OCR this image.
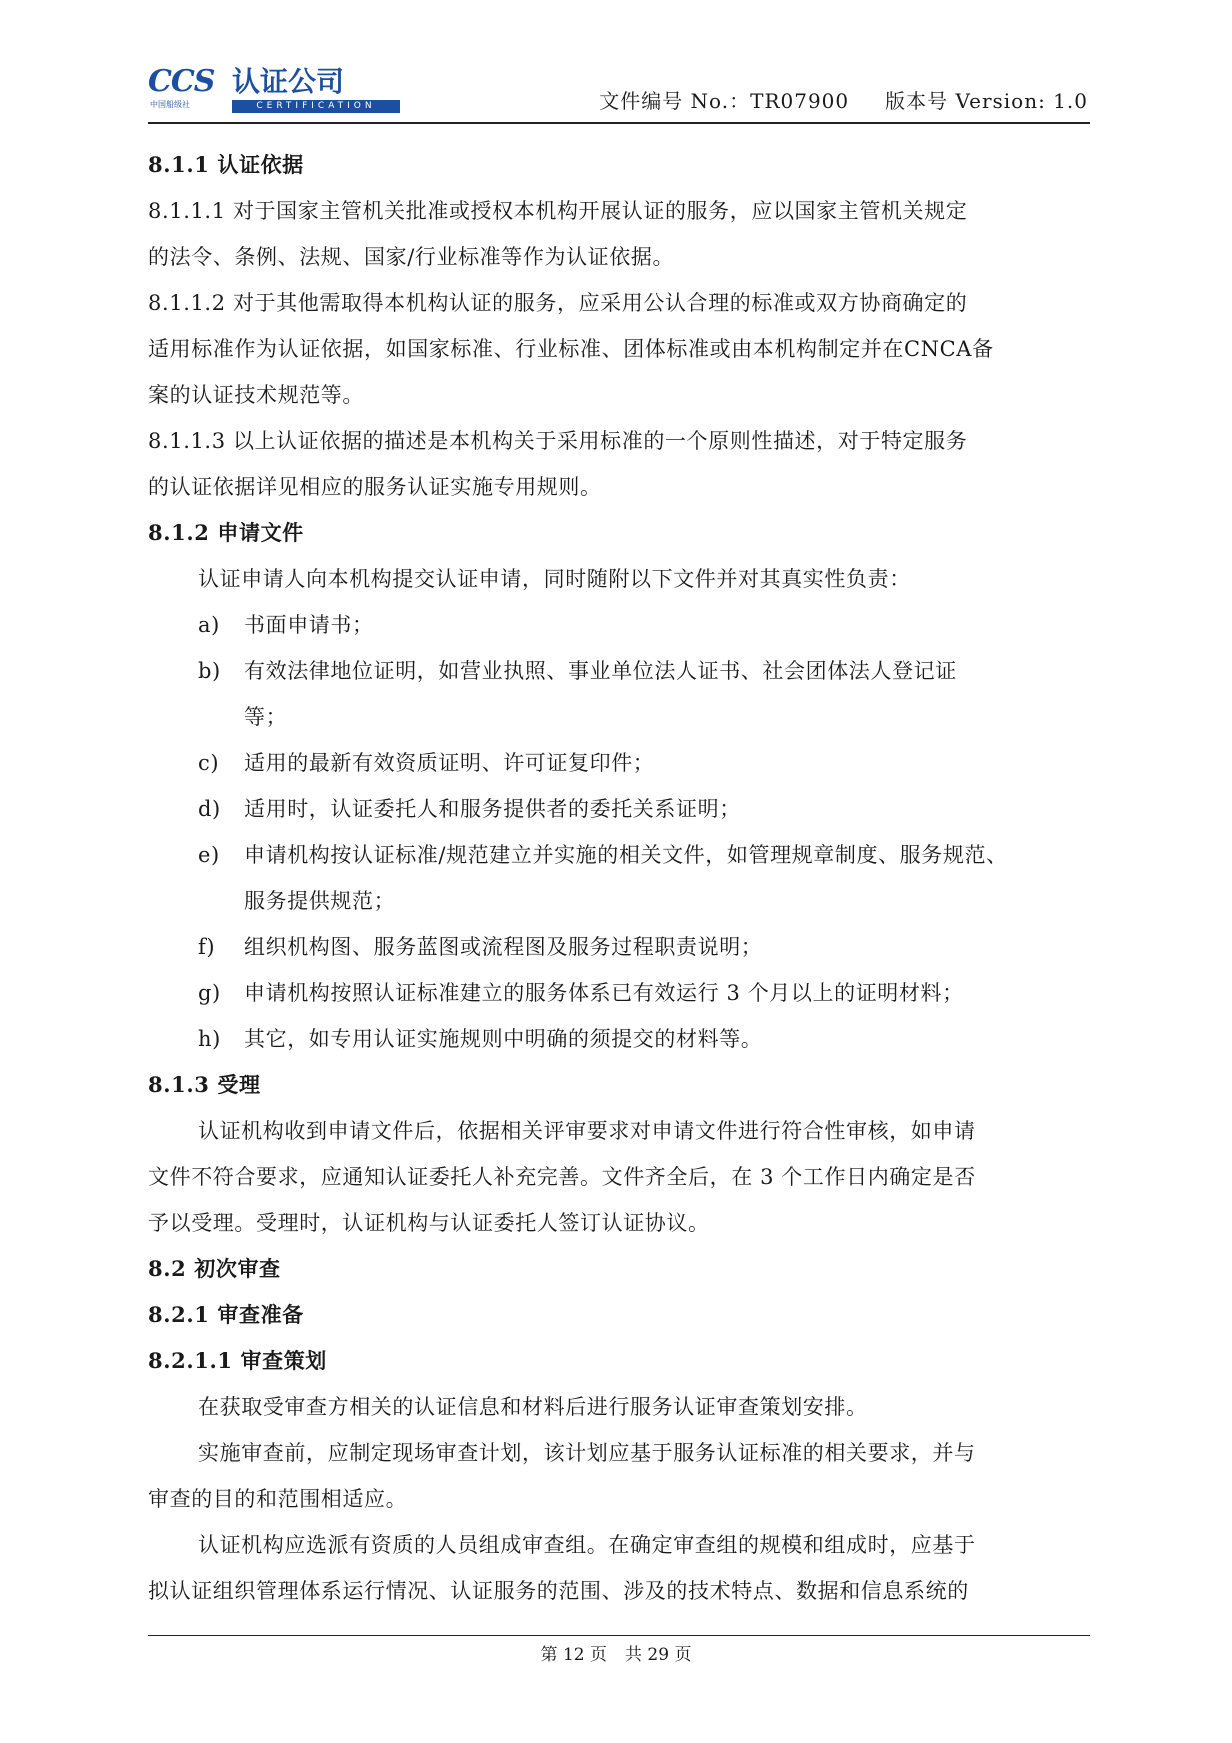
CCS 认证公司
中国船级社	CERTIFICATION	文件编号 No.：TR07900 版本号 Version: 1.0
8.1.1 认证依据
8.1.1.1 对于国家主管机关批准或授权本机构开展认证的服务，应以国家主管机关规定
的法令、条例、法规、国家/行业标准等作为认证依据。
8.1.1.2 对于其他需取得本机构认证的服务，应采用公认合理的标准或双方协商确定的
适用标准作为认证依据，如国家标准、行业标准、团体标准或由本机构制定并在CNCA备
案的认证技术规范等。
8.1.1.3 以上认证依据的描述是本机构关于采用标准的一个原则性描述，对于特定服务
的认证依据详见相应的服务认证实施专用规则。
8.1.2 申请文件
认证申请人向本机构提交认证申请，同时随附以下文件并对其真实性负责：
a) 书面申请书；
b) 有效法律地位证明，如营业执照、事业单位法人证书、社会团体法人登记证
等；
c) 适用的最新有效资质证明、许可证复印件；
d) 适用时，认证委托人和服务提供者的委托关系证明；
e) 申请机构按认证标准/规范建立并实施的相关文件，如管理规章制度、服务规范、
服务提供规范；
f) 组织机构图、服务蓝图或流程图及服务过程职责说明；
g) 申请机构按照认证标准建立的服务体系已有效运行 3 个月以上的证明材料；
h) 其它，如专用认证实施规则中明确的须提交的材料等。
8.1.3 受理
认证机构收到申请文件后，依据相关评审要求对申请文件进行符合性审核，如申请
文件不符合要求，应通知认证委托人补充完善。文件齐全后，在 3 个工作日内确定是否
予以受理。受理时，认证机构与认证委托人签订认证协议。
8.2 初次审查
8.2.1 审查准备
8.2.1.1 审查策划
在获取受审查方相关的认证信息和材料后进行服务认证审查策划安排。
实施审查前，应制定现场审查计划，该计划应基于服务认证标准的相关要求，并与
审查的目的和范围相适应。
认证机构应选派有资质的人员组成审查组。在确定审查组的规模和组成时，应基于
拟认证组织管理体系运行情况、认证服务的范围、涉及的技术特点、数据和信息系统的
第 12 页 共 29 页
